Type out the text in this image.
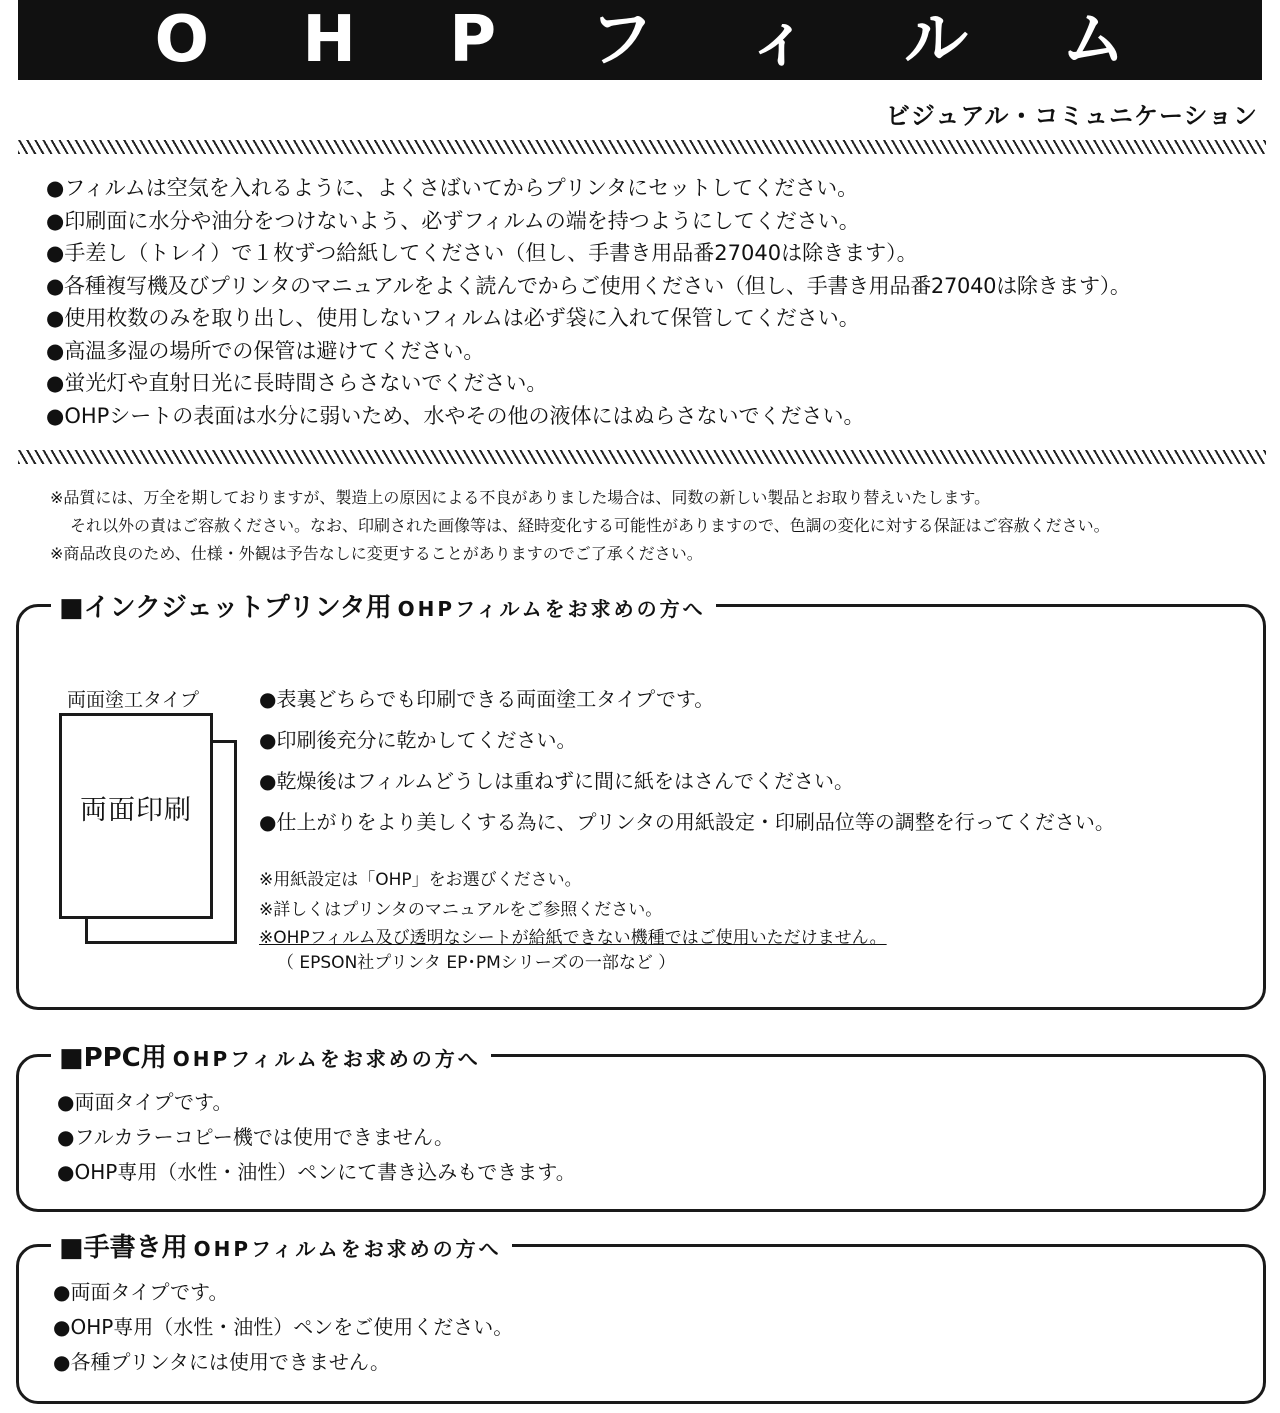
O H P フ ィ ル ム
ビジュアル・コミュニケーション
●フィルムは空気を入れるように、よくさばいてからプリンタにセットしてください。
●印刷面に水分や油分をつけないよう、必ずフィルムの端を持つようにしてください。
●手差し（トレイ）で１枚ずつ給紙してください（但し、手書き用品番27040は除きます）。
●各種複写機及びプリンタのマニュアルをよく読んでからご使用ください（但し、手書き用品番27040は除きます）。
●使用枚数のみを取り出し、使用しないフィルムは必ず袋に入れて保管してください。
●高温多湿の場所での保管は避けてください。
●蛍光灯や直射日光に長時間さらさないでください。
●OHPシートの表面は水分に弱いため、水やその他の液体にはぬらさないでください。
※品質には、万全を期しておりますが、製造上の原因による不良がありました場合は、同数の新しい製品とお取り替えいたします。
それ以外の責はご容赦ください。なお、印刷された画像等は、経時変化する可能性がありますので、色調の変化に対する保証はご容赦ください。
※商品改良のため、仕様・外観は予告なしに変更することがありますのでご了承ください。
■インクジェットプリンタ用 OHPフィルムをお求めの方へ
両面塗工タイプ
両面印刷
●表裏どちらでも印刷できる両面塗工タイプです。
●印刷後充分に乾かしてください。
●乾燥後はフィルムどうしは重ねずに間に紙をはさんでください。
●仕上がりをより美しくする為に、プリンタの用紙設定・印刷品位等の調整を行ってください。
※用紙設定は「OHP」をお選びください。
※詳しくはプリンタのマニュアルをご参照ください。
※OHPフィルム及び透明なシートが給紙できない機種ではご使用いただけません。
（ EPSON社プリンタ EP･PMシリーズの一部など ）
■PPC用 OHPフィルムをお求めの方へ
●両面タイプです。
●フルカラーコピー機では使用できません。
●OHP専用（水性・油性）ペンにて書き込みもできます。
■手書き用 OHPフィルムをお求めの方へ
●両面タイプです。
●OHP専用（水性・油性）ペンをご使用ください。
●各種プリンタには使用できません。
